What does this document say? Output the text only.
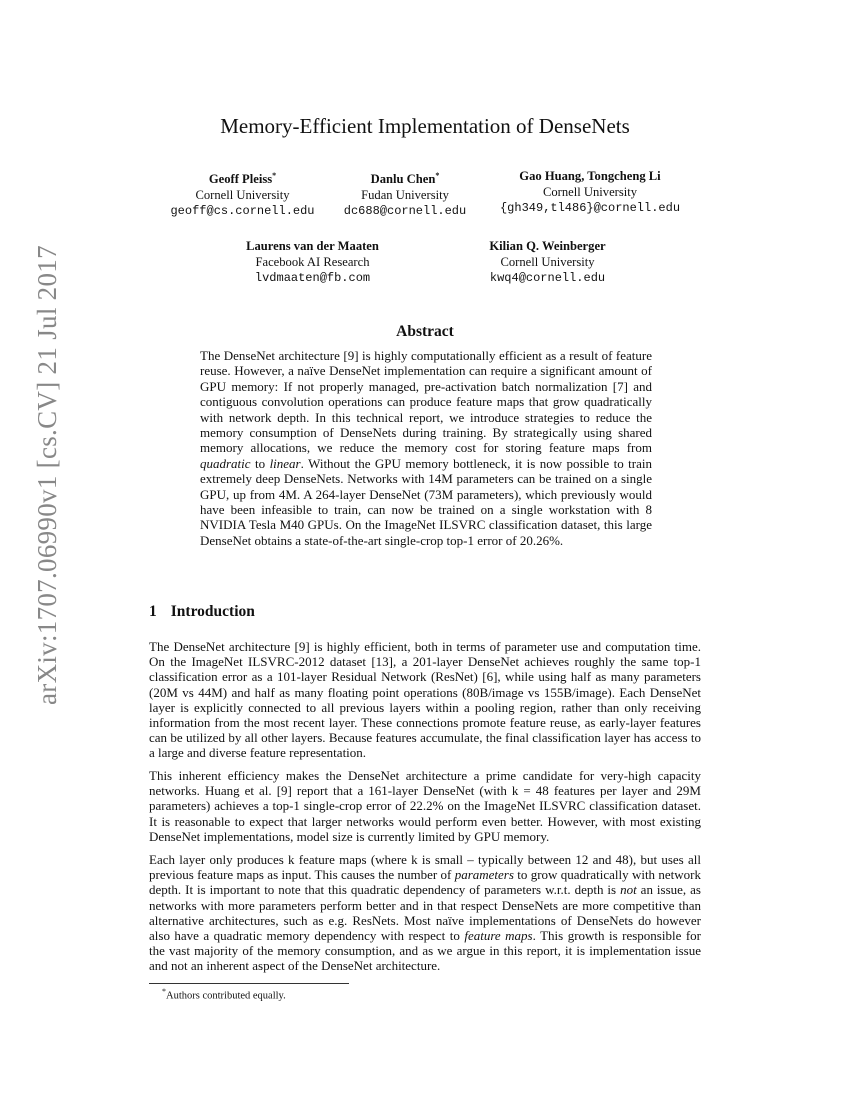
arXiv:1707.06990v1 [cs.CV] 21 Jul 2017
Memory-Efficient Implementation of DenseNets
Geoff Pleiss*
Cornell University
geoff@cs.cornell.edu
Danlu Chen*
Fudan University
dc688@cornell.edu
Gao Huang, Tongcheng Li
Cornell University
{gh349,tl486}@cornell.edu
Laurens van der Maaten
Facebook AI Research
lvdmaaten@fb.com
Kilian Q. Weinberger
Cornell University
kwq4@cornell.edu
Abstract

The DenseNet architecture [9] is highly computationally efficient as a result of feature reuse. However, a naïve DenseNet implementation can require a significant amount of GPU memory: If not properly managed, pre-activation batch normalization [7] and contiguous convolution operations can produce feature maps that grow quadratically with network depth. In this technical report, we introduce strategies to reduce the memory consumption of DenseNets during training. By strategically using shared memory allocations, we reduce the memory cost for storing feature maps from quadratic to linear. Without the GPU memory bottleneck, it is now possible to train extremely deep DenseNets. Networks with 14M parameters can be trained on a single GPU, up from 4M. A 264-layer DenseNet (73M parameters), which previously would have been infeasible to train, can now be trained on a single workstation with 8 NVIDIA Tesla M40 GPUs. On the ImageNet ILSVRC classification dataset, this large DenseNet obtains a state-of-the-art single-crop top-1 error of 20.26%.

1 Introduction

The DenseNet architecture [9] is highly efficient, both in terms of parameter use and computation time. On the ImageNet ILSVRC-2012 dataset [13], a 201-layer DenseNet achieves roughly the same top-1 classification error as a 101-layer Residual Network (ResNet) [6], while using half as many parameters (20M vs 44M) and half as many floating point operations (80B/image vs 155B/image). Each DenseNet layer is explicitly connected to all previous layers within a pooling region, rather than only receiving information from the most recent layer. These connections promote feature reuse, as early-layer features can be utilized by all other layers. Because features accumulate, the final classification layer has access to a large and diverse feature representation.

This inherent efficiency makes the DenseNet architecture a prime candidate for very-high capacity networks. Huang et al. [9] report that a 161-layer DenseNet (with k = 48 features per layer and 29M parameters) achieves a top-1 single-crop error of 22.2% on the ImageNet ILSVRC classification dataset. It is reasonable to expect that larger networks would perform even better. However, with most existing DenseNet implementations, model size is currently limited by GPU memory.

Each layer only produces k feature maps (where k is small – typically between 12 and 48), but uses all previous feature maps as input. This causes the number of parameters to grow quadratically with network depth. It is important to note that this quadratic dependency of parameters w.r.t. depth is not an issue, as networks with more parameters perform better and in that respect DenseNets are more competitive than alternative architectures, such as e.g. ResNets. Most naïve implementations of DenseNets do however also have a quadratic memory dependency with respect to feature maps. This growth is responsible for the vast majority of the memory consumption, and as we argue in this report, it is implementation issue and not an inherent aspect of the DenseNet architecture.

*Authors contributed equally.
